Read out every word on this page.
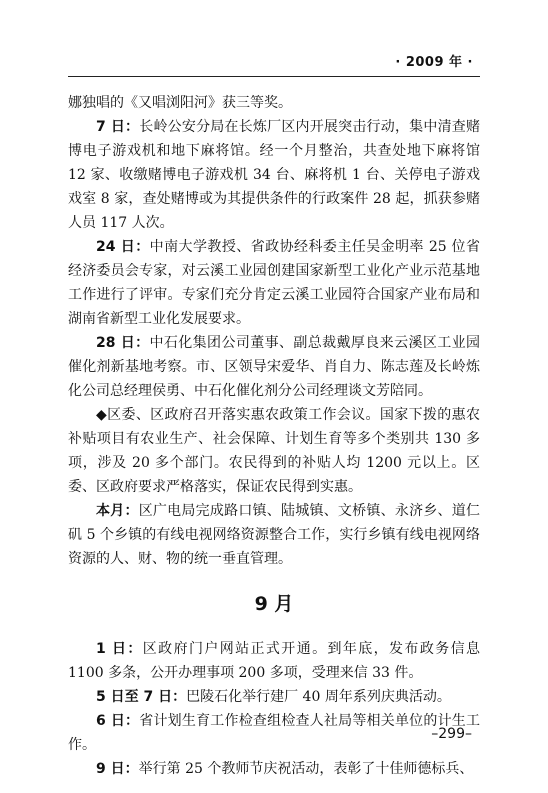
· 2009 年 ·

娜独唱的《又唱浏阳河》获三等奖。

7 日：长岭公安分局在长炼厂区内开展突击行动，集中清查赌博电子游戏机和地下麻将馆。经一个月整治，共查处地下麻将馆 12 家、收缴赌博电子游戏机 34 台、麻将机 1 台、关停电子游戏戏室 8 家，查处赌博或为其提供条件的行政案件 28 起，抓获参赌人员 117 人次。

24 日：中南大学教授、省政协经科委主任吴金明率 25 位省经济委员会专家，对云溪工业园创建国家新型工业化产业示范基地工作进行了评审。专家们充分肯定云溪工业园符合国家产业布局和湖南省新型工业化发展要求。

28 日：中石化集团公司董事、副总裁戴厚良来云溪区工业园催化剂新基地考察。市、区领导宋爱华、肖自力、陈志莲及长岭炼化公司总经理侯勇、中石化催化剂分公司经理谈文芳陪同。

◆区委、区政府召开落实惠农政策工作会议。国家下拨的惠农补贴项目有农业生产、社会保障、计划生育等多个类别共 130 多项，涉及 20 多个部门。农民得到的补贴人均 1200 元以上。区委、区政府要求严格落实，保证农民得到实惠。

本月：区广电局完成路口镇、陆城镇、文桥镇、永济乡、道仁矶 5 个乡镇的有线电视网络资源整合工作，实行乡镇有线电视网络资源的人、财、物的统一垂直管理。

9 月

1 日：区政府门户网站正式开通。到年底，发布政务信息 1100 多条，公开办理事项 200 多项，受理来信 33 件。

5 日至 7 日：巴陵石化举行建厂 40 周年系列庆典活动。

6 日：省计划生育工作检查组检查人社局等相关单位的计生工作。

9 日：举行第 25 个教师节庆祝活动，表彰了十佳师德标兵、

–299–
